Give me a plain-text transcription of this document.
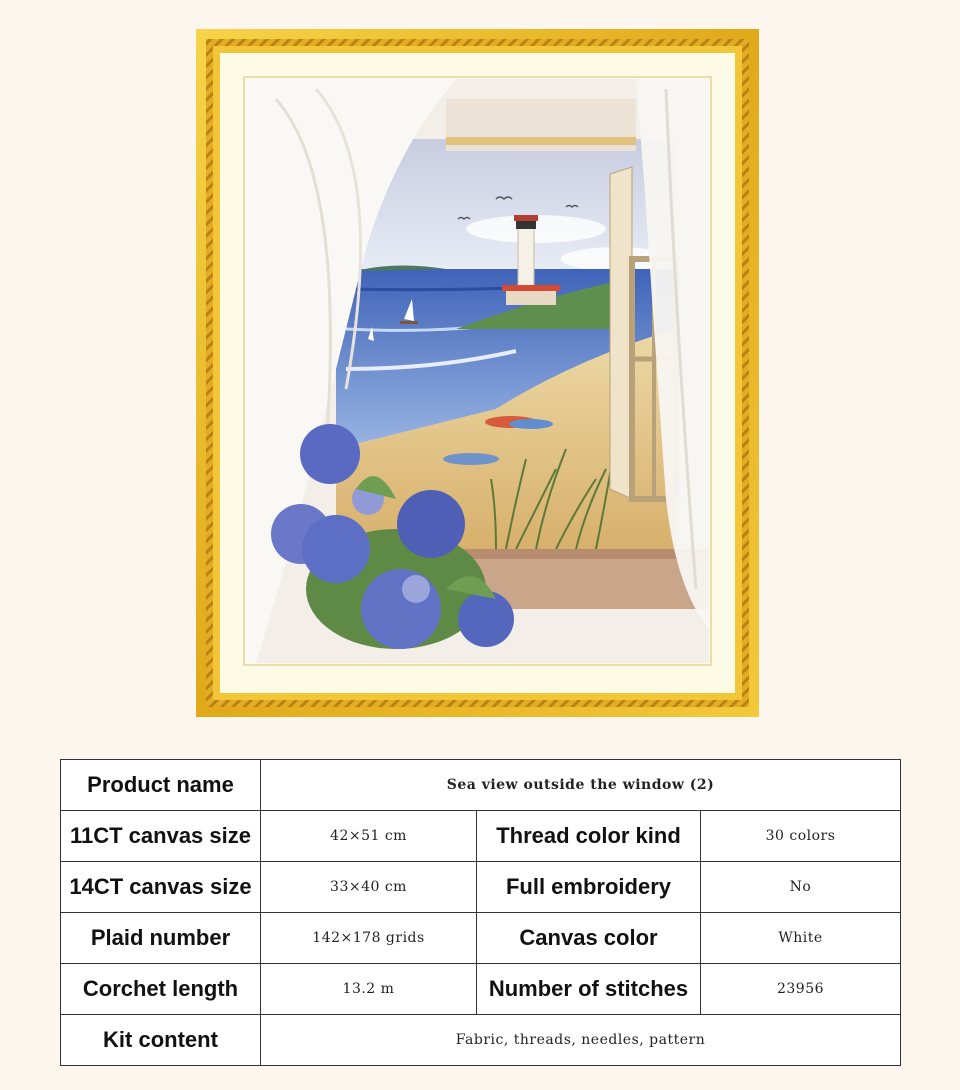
Product name	Sea view outside the window (2)		
11CT canvas size	42×51 cm	Thread color kind	30 colors
14CT canvas size	33×40 cm	Full embroidery	No
Plaid number	142×178 grids	Canvas color	White
Corchet length	13.2 m	Number of stitches	23956
Kit content	Fabric, threads, needles, pattern		
